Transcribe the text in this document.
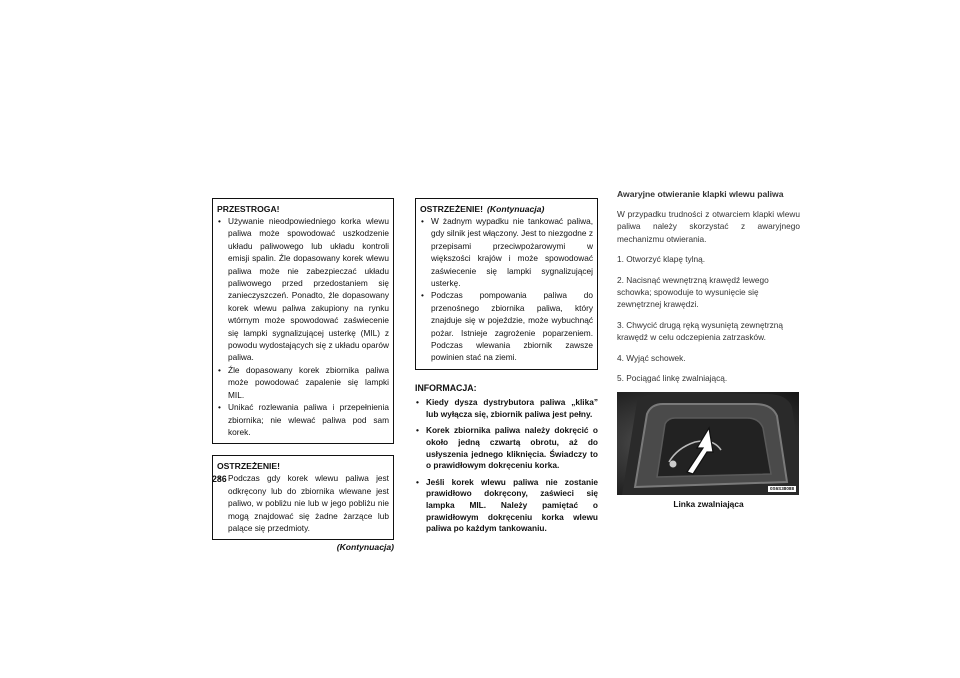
PRZESTROGA!

• Używanie nieodpowiedniego korka wlewu paliwa może spowodować uszkodzenie układu paliwowego lub układu kontroli emisji spalin. Źle dopasowany korek wlewu paliwa może nie zabezpieczać układu paliwowego przed przedostaniem się zanieczyszczeń. Ponadto, źle dopasowany korek wlewu paliwa zakupiony na rynku wtórnym może spowodować zaświecenie się lampki sygnalizującej usterkę (MIL) z powodu wydostających się z układu oparów paliwa.
• Źle dopasowany korek zbiornika paliwa może powodować zapalenie się lampki MIL.
• Unikać rozlewania paliwa i przepełnienia zbiornika; nie wlewać paliwa pod sam korek.

OSTRZEŻENIE!

• Podczas gdy korek wlewu paliwa jest odkręcony lub do zbiornika wlewane jest paliwo, w pobliżu nie lub w jego pobliżu nie mogą znajdować się żadne żarzące lub palące się przedmioty.
(Kontynuacja)

OSTRZEŻENIE! (Kontynuacja)

• W żadnym wypadku nie tankować paliwa, gdy silnik jest włączony. Jest to niezgodne z przepisami przeciwpożarowymi w większości krajów i może spowodować zaświecenie się lampki sygnalizującej usterkę.
• Podczas pompowania paliwa do przenośnego zbiornika paliwa, który znajduje się w pojeździe, może wybuchnąć pożar. Istnieje zagrożenie poparzeniem. Podczas wlewania zbiornik zawsze powinien stać na ziemi.
INFORMACJA:
• Kiedy dysza dystrybutora paliwa „klika” lub wyłącza się, zbiornik paliwa jest pełny.
• Korek zbiornika paliwa należy dokręcić o około jedną czwartą obrotu, aż do usłyszenia jednego kliknięcia. Świadczy to o prawidłowym dokręceniu korka.
• Jeśli korek wlewu paliwa nie zostanie prawidłowo dokręcony, zaświeci się lampka MIL. Należy pamiętać o prawidłowym dokręceniu korka wlewu paliwa po każdym tankowaniu.

Awaryjne otwieranie klapki wlewu paliwa

W przypadku trudności z otwarciem klapki wlewu paliwa należy skorzystać z awaryjnego mechanizmu otwierania.

1. Otworzyć klapę tylną.

2. Nacisnąć wewnętrzną krawędź lewego schowka; spowoduje to wysunięcie się zewnętrznej krawędzi.

3. Chwycić drugą ręką wysuniętą zewnętrzną krawędź w celu odczepienia zatrzasków.

4. Wyjąć schowek.

5. Pociągać linkę zwalniającą.

0S6S38088
Linka zwalniająca
286
